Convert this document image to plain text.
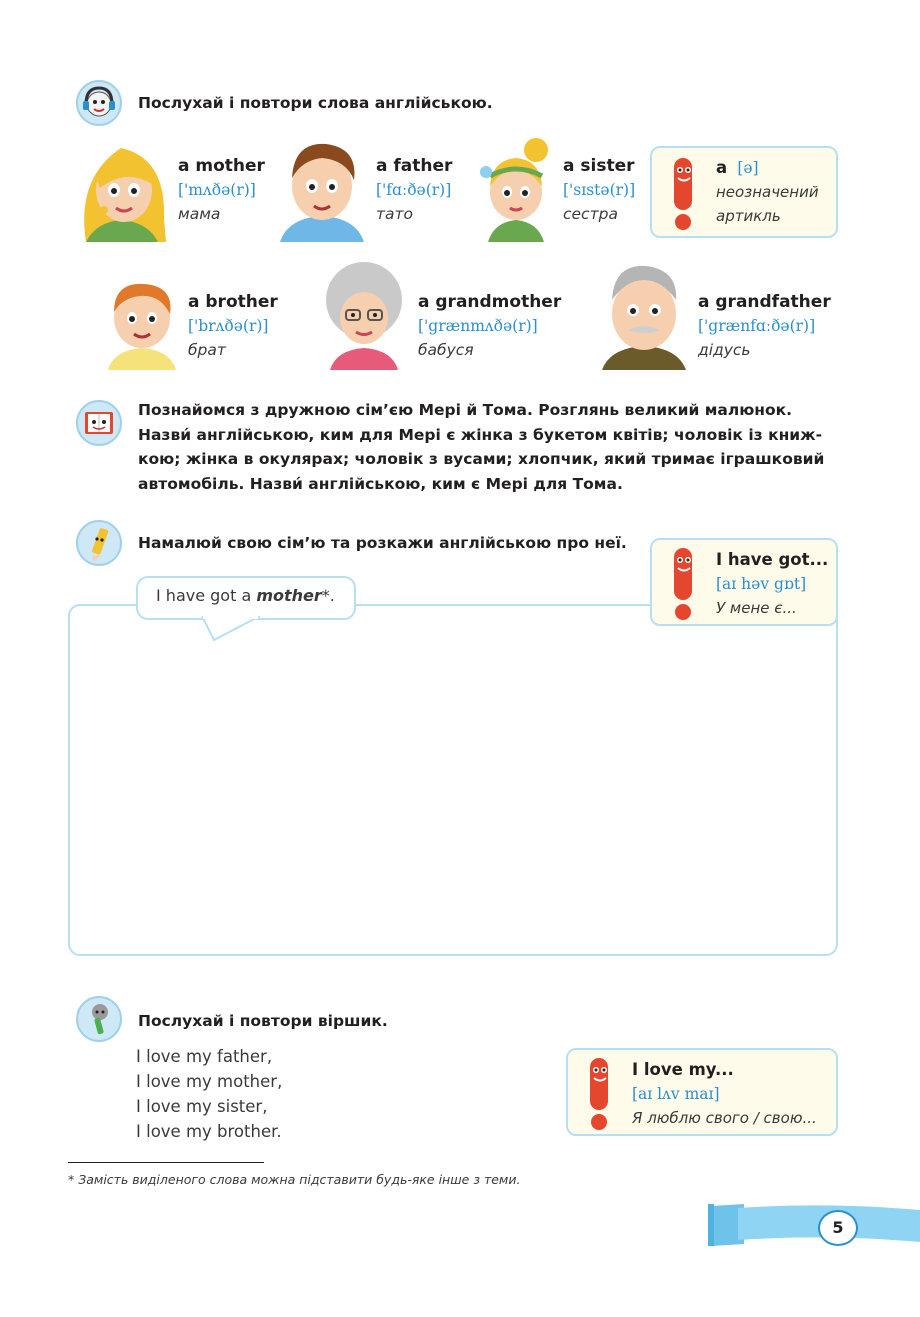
Послухай і повтори слова англійською.
a mother
['mʌðə(r)]
мама
a father
['fɑːðə(r)]
тато
a sister
['sɪstə(r)]
сестра
a [ə]
неозначений
артикль
a brother
['brʌðə(r)]
брат
a grandmother
['grænmʌðə(r)]
бабуся
a grandfather
['grænfɑːðə(r)]
дідусь
Познайомся з дружною сім’єю Мері й Тома. Розглянь великий малюнок.
Назви́ англійською, ким для Мері є жінка з букетом квітів; чоловік із книж-
кою; жінка в окулярах; чоловік з вусами; хлопчик, який тримає іграшковий
автомобіль. Назви́ англійською, ким є Мері для Тома.
Намалюй свою сім’ю та розкажи англійською про неї.
I have got a mother*.
I have got...
[aɪ həv gɒt]
У мене є...
Послухай і повтори віршик.
I love my father,
I love my mother,
I love my sister,
I love my brother.
I love my...
[aɪ lʌv maɪ]
Я люблю свого / свою...
* Замість виділеного слова можна підставити будь-яке інше з теми.
5
